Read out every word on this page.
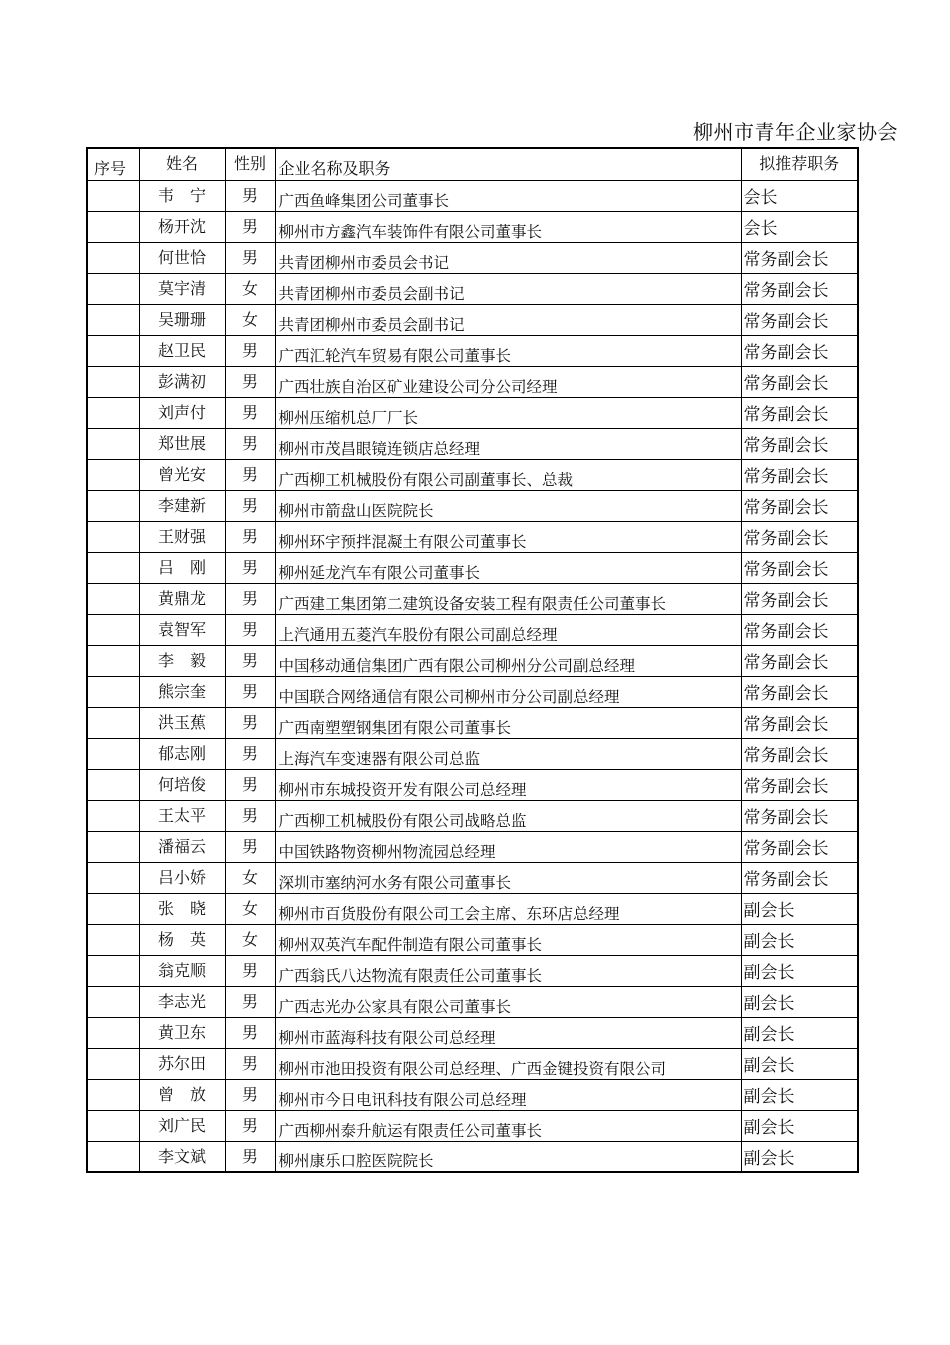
柳州市青年企业家协会
序号	姓名	性别	企业名称及职务	拟推荐职务
	韦　宁	男	广西鱼峰集团公司董事长	会长
	杨开沈	男	柳州市方鑫汽车装饰件有限公司董事长	会长
	何世恰	男	共青团柳州市委员会书记	常务副会长
	莫宇清	女	共青团柳州市委员会副书记	常务副会长
	吴珊珊	女	共青团柳州市委员会副书记	常务副会长
	赵卫民	男	广西汇轮汽车贸易有限公司董事长	常务副会长
	彭满初	男	广西壮族自治区矿业建设公司分公司经理	常务副会长
	刘声付	男	柳州压缩机总厂厂长	常务副会长
	郑世展	男	柳州市茂昌眼镜连锁店总经理	常务副会长
	曾光安	男	广西柳工机械股份有限公司副董事长、总裁	常务副会长
	李建新	男	柳州市箭盘山医院院长	常务副会长
	王财强	男	柳州环宇预拌混凝土有限公司董事长	常务副会长
	吕　刚	男	柳州延龙汽车有限公司董事长	常务副会长
	黄鼎龙	男	广西建工集团第二建筑设备安装工程有限责任公司董事长	常务副会长
	袁智军	男	上汽通用五菱汽车股份有限公司副总经理	常务副会长
	李　毅	男	中国移动通信集团广西有限公司柳州分公司副总经理	常务副会长
	熊宗奎	男	中国联合网络通信有限公司柳州市分公司副总经理	常务副会长
	洪玉蕉	男	广西南塑塑钢集团有限公司董事长	常务副会长
	郁志刚	男	上海汽车变速器有限公司总监	常务副会长
	何培俊	男	柳州市东城投资开发有限公司总经理	常务副会长
	王太平	男	广西柳工机械股份有限公司战略总监	常务副会长
	潘福云	男	中国铁路物资柳州物流园总经理	常务副会长
	吕小娇	女	深圳市塞纳河水务有限公司董事长	常务副会长
	张　晓	女	柳州市百货股份有限公司工会主席、东环店总经理	副会长
	杨　英	女	柳州双英汽车配件制造有限公司董事长	副会长
	翁克顺	男	广西翁氏八达物流有限责任公司董事长	副会长
	李志光	男	广西志光办公家具有限公司董事长	副会长
	黄卫东	男	柳州市蓝海科技有限公司总经理	副会长
	苏尔田	男	柳州市池田投资有限公司总经理、广西金键投资有限公司	副会长
	曾　放	男	柳州市今日电讯科技有限公司总经理	副会长
	刘广民	男	广西柳州泰升航运有限责任公司董事长	副会长
	李文斌	男	柳州康乐口腔医院院长	副会长
